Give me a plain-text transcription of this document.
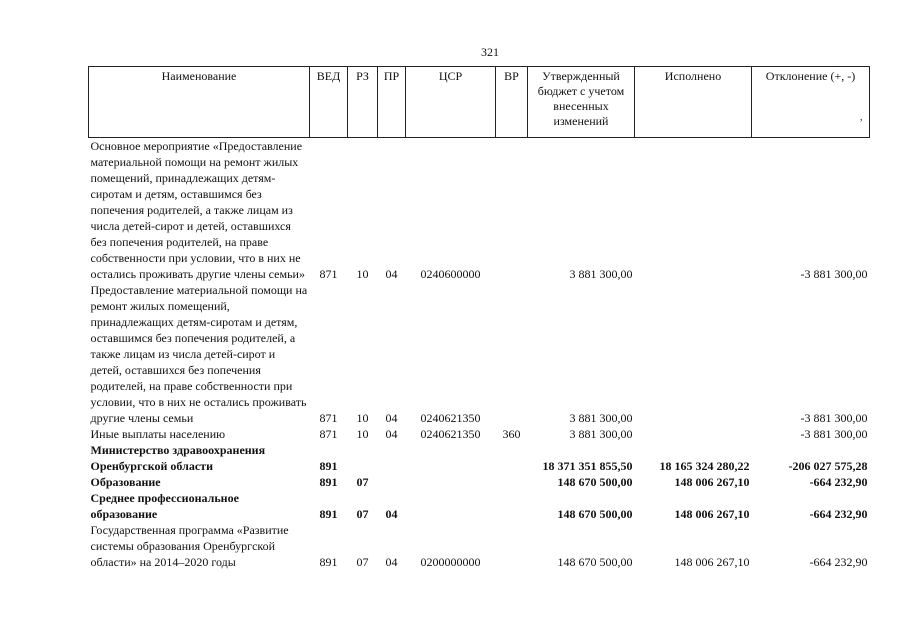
321
Наименование	ВЕД	РЗ	ПР	ЦСР	ВР	Утвержденный бюджет с учетом внесенных изменений	Исполнено	Отклонение (+, -)
Основное мероприятие «Предоставление материальной помощи на ремонт жилых помещений, принадлежащих детям-сиротам и детям, оставшимся без попечения родителей, а также лицам из числа детей-сирот и детей, оставшихся без попечения родителей, на праве собственности при условии, что в них не остались проживать другие члены семьи»	871	10	04	0240600000		3 881 300,00		-3 881 300,00
Предоставление материальной помощи на ремонт жилых помещений, принадлежащих детям-сиротам и детям, оставшимся без попечения родителей, а также лицам из числа детей-сирот и детей, оставшихся без попечения родителей, на праве собственности при условии, что в них не остались проживать другие члены семьи	871	10	04	0240621350		3 881 300,00		-3 881 300,00
Иные выплаты населению	871	10	04	0240621350	360	3 881 300,00		-3 881 300,00
Министерство здравоохранения Оренбургской области	891					18 371 351 855,50	18 165 324 280,22	-206 027 575,28
Образование	891	07				148 670 500,00	148 006 267,10	-664 232,90
Среднее профессиональное образование	891	07	04			148 670 500,00	148 006 267,10	-664 232,90
Государственная программа «Развитие системы образования Оренбургской области» на 2014–2020 годы	891	07	04	0200000000		148 670 500,00	148 006 267,10	-664 232,90
,
